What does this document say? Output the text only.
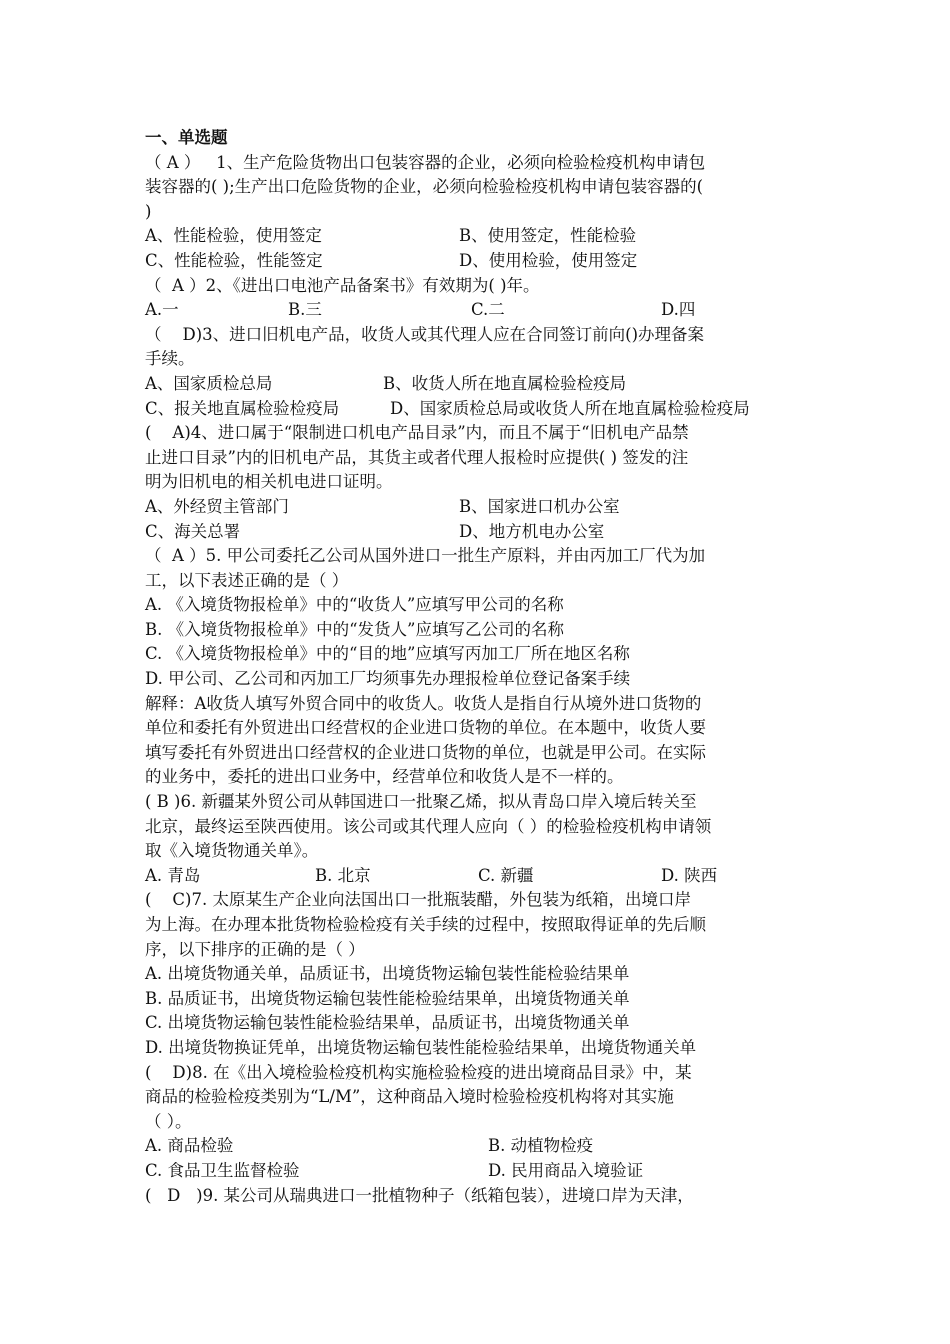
一、单选题
（ A ）   1、生产危险货物出口包装容器的企业，必须向检验检疫机构申请包
装容器的( );生产出口危险货物的企业，必须向检验检疫机构申请包装容器的(
)
A、性能检验，使用签定	B、使用签定，性能检验
C、性能检验，性能签定	D、使用检验，使用签定
（  A ）2、《进出口电池产品备案书》有效期为( )年。
A.一	B.三	C.二	D.四
（    D)3、进口旧机电产品，收货人或其代理人应在合同签订前向()办理备案
手续。
A、国家质检总局	B、收货人所在地直属检验检疫局
C、报关地直属检验检疫局	D、国家质检总局或收货人所在地直属检验检疫局
(    A)4、进口属于“限制进口机电产品目录”内，而且不属于“旧机电产品禁
止进口目录”内的旧机电产品，其货主或者代理人报检时应提供( ) 签发的注
明为旧机电的相关机电进口证明。
A、外经贸主管部门	B、国家进口机办公室
C、海关总署	D、地方机电办公室
（  A ）5. 甲公司委托乙公司从国外进口一批生产原料，并由丙加工厂代为加
工，以下表述正确的是（ ）
A. 《入境货物报检单》中的“收货人”应填写甲公司的名称
B. 《入境货物报检单》中的“发货人”应填写乙公司的名称
C. 《入境货物报检单》中的“目的地”应填写丙加工厂所在地区名称
D. 甲公司、乙公司和丙加工厂均须事先办理报检单位登记备案手续
解释：A收货人填写外贸合同中的收货人。收货人是指自行从境外进口货物的
单位和委托有外贸进出口经营权的企业进口货物的单位。在本题中，收货人要
填写委托有外贸进出口经营权的企业进口货物的单位，也就是甲公司。在实际
的业务中，委托的进出口业务中，经营单位和收货人是不一样的。
( B )6. 新疆某外贸公司从韩国进口一批聚乙烯，拟从青岛口岸入境后转关至
北京，最终运至陕西使用。该公司或其代理人应向（ ）的检验检疫机构申请领
取《入境货物通关单》。
A. 青岛	B. 北京	C. 新疆	D. 陕西
(    C)7. 太原某生产企业向法国出口一批瓶装醋，外包装为纸箱，出境口岸
为上海。在办理本批货物检验检疫有关手续的过程中，按照取得证单的先后顺
序，以下排序的正确的是（ ）
A. 出境货物通关单，品质证书，出境货物运输包装性能检验结果单
B. 品质证书，出境货物运输包装性能检验结果单，出境货物通关单
C. 出境货物运输包装性能检验结果单，品质证书，出境货物通关单
D. 出境货物换证凭单，出境货物运输包装性能检验结果单，出境货物通关单
(    D)8. 在《出入境检验检疫机构实施检验检疫的进出境商品目录》中，某
商品的检验检疫类别为“L/M”，这种商品入境时检验检疫机构将对其实施
（ ）。
A. 商品检验	B. 动植物检疫
C. 食品卫生监督检验	D. 民用商品入境验证
(   D   )9. 某公司从瑞典进口一批植物种子（纸箱包装），进境口岸为天津，
